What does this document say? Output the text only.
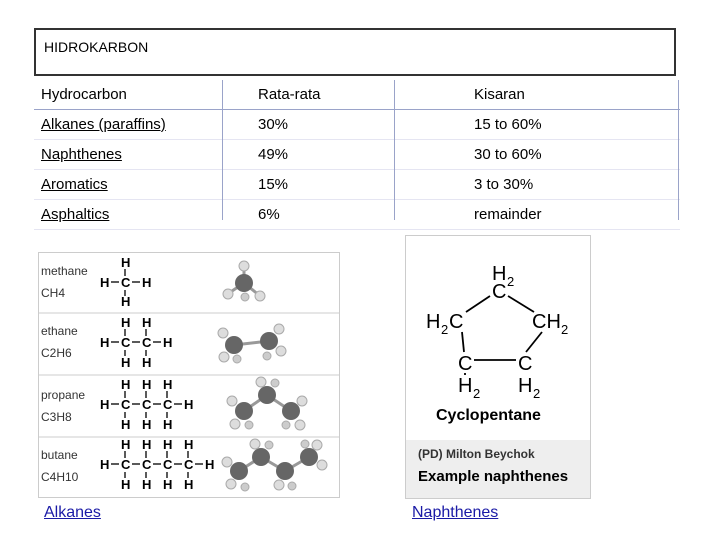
HIDROKARBON
Hydrocarbon	Rata-rata	Kisaran
Alkanes (paraffins)	30%	15 to 60%
Naphthenes	49%	30 to 60%
Aromatics	15%	3 to 30%
Asphaltics	6%	remainder
methane
CH4
H
H C H
H
ethane
C2H6
H H
H C C H
H H
propane
C3H8
H H H
H C C C H
H H H
butane
C4H10
H H H H
H C C C C H
H H H H
Alkanes
H 2
C
H 2 C	CH 2
C C
H 2 H 2
Cyclopentane
(PD) Milton Beychok
Example naphthenes
Naphthenes
